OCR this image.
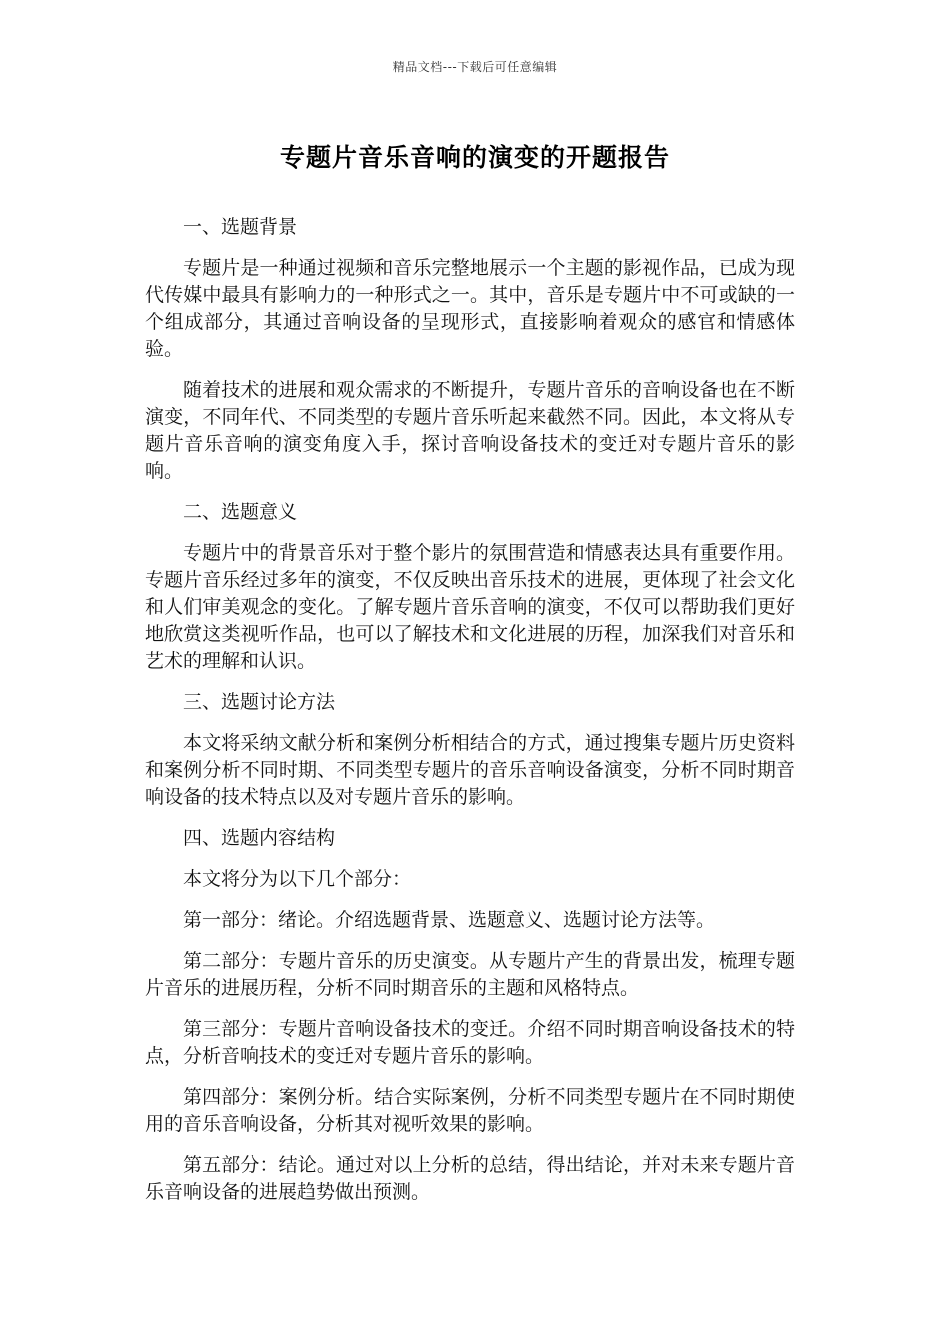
精品文档---下载后可任意编辑
专题片音乐音响的演变的开题报告

一、选题背景

专题片是一种通过视频和音乐完整地展示一个主题的影视作品，已成为现代传媒中最具有影响力的一种形式之一。其中，音乐是专题片中不可或缺的一个组成部分，其通过音响设备的呈现形式，直接影响着观众的感官和情感体验。

随着技术的进展和观众需求的不断提升，专题片音乐的音响设备也在不断演变，不同年代、不同类型的专题片音乐听起来截然不同。因此，本文将从专题片音乐音响的演变角度入手，探讨音响设备技术的变迁对专题片音乐的影响。

二、选题意义

专题片中的背景音乐对于整个影片的氛围营造和情感表达具有重要作用。专题片音乐经过多年的演变，不仅反映出音乐技术的进展，更体现了社会文化和人们审美观念的变化。了解专题片音乐音响的演变，不仅可以帮助我们更好地欣赏这类视听作品，也可以了解技术和文化进展的历程，加深我们对音乐和艺术的理解和认识。

三、选题讨论方法

本文将采纳文献分析和案例分析相结合的方式，通过搜集专题片历史资料和案例分析不同时期、不同类型专题片的音乐音响设备演变，分析不同时期音响设备的技术特点以及对专题片音乐的影响。

四、选题内容结构

本文将分为以下几个部分：

第一部分：绪论。介绍选题背景、选题意义、选题讨论方法等。

第二部分：专题片音乐的历史演变。从专题片产生的背景出发，梳理专题片音乐的进展历程，分析不同时期音乐的主题和风格特点。

第三部分：专题片音响设备技术的变迁。介绍不同时期音响设备技术的特点，分析音响技术的变迁对专题片音乐的影响。

第四部分：案例分析。结合实际案例，分析不同类型专题片在不同时期使用的音乐音响设备，分析其对视听效果的影响。

第五部分：结论。通过对以上分析的总结，得出结论，并对未来专题片音乐音响设备的进展趋势做出预测。
